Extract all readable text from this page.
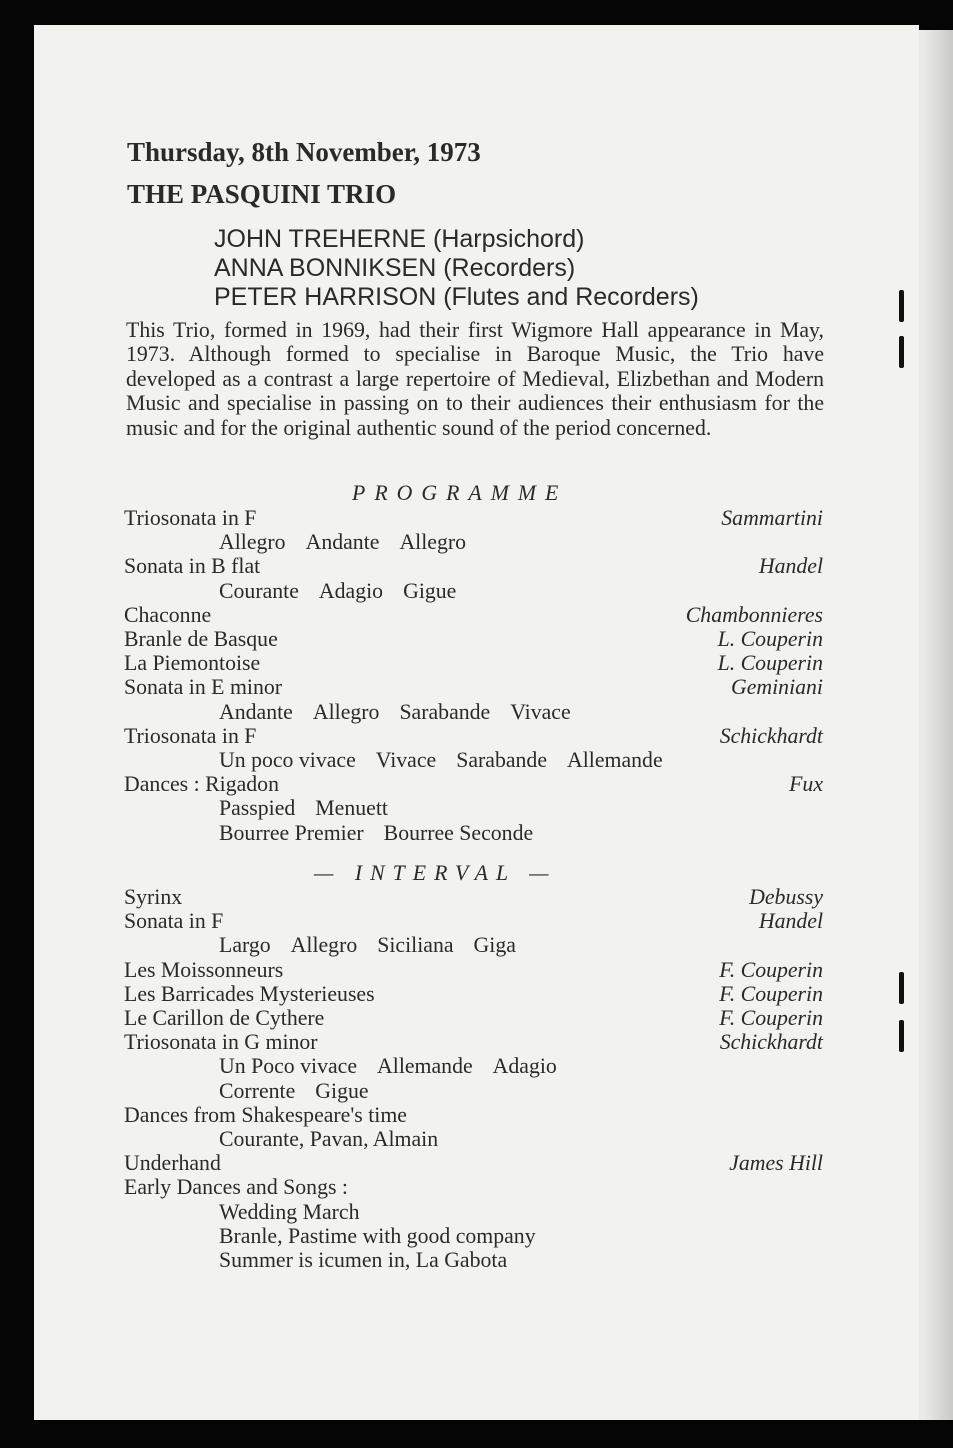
Thursday, 8th November, 1973
THE PASQUINI TRIO
JOHN TREHERNE (Harpsichord)
ANNA BONNIKSEN (Recorders)
PETER HARRISON (Flutes and Recorders)
This Trio, formed in 1969, had their first Wigmore Hall appearance in May, 1973. Although formed to specialise in Baroque Music, the Trio have developed as a contrast a large repertoire of Medieval, Elizbethan and Modern Music and specialise in passing on to their audiences their enthusiasm for the music and for the original authentic sound of the period concerned.
PROGRAMME
Triosonata in F	Sammartini
Allegro Andante Allegro
Sonata in B flat	Handel
Courante Adagio Gigue
Chaconne	Chambonnieres
Branle de Basque	L. Couperin
La Piemontoise	L. Couperin
Sonata in E minor	Geminiani
Andante Allegro Sarabande Vivace
Triosonata in F	Schickhardt
Un poco vivace Vivace Sarabande Allemande
Dances : Rigadon	Fux
Passpied Menuett
Bourree Premier Bourree Seconde
— INTERVAL —
Syrinx	Debussy
Sonata in F	Handel
Largo Allegro Siciliana Giga
Les Moissonneurs	F. Couperin
Les Barricades Mysterieuses	F. Couperin
Le Carillon de Cythere	F. Couperin
Triosonata in G minor	Schickhardt
Un Poco vivace Allemande Adagio
Corrente Gigue
Dances from Shakespeare's time
Courante, Pavan, Almain
Underhand	James Hill
Early Dances and Songs :
Wedding March
Branle, Pastime with good company
Summer is icumen in, La Gabota
